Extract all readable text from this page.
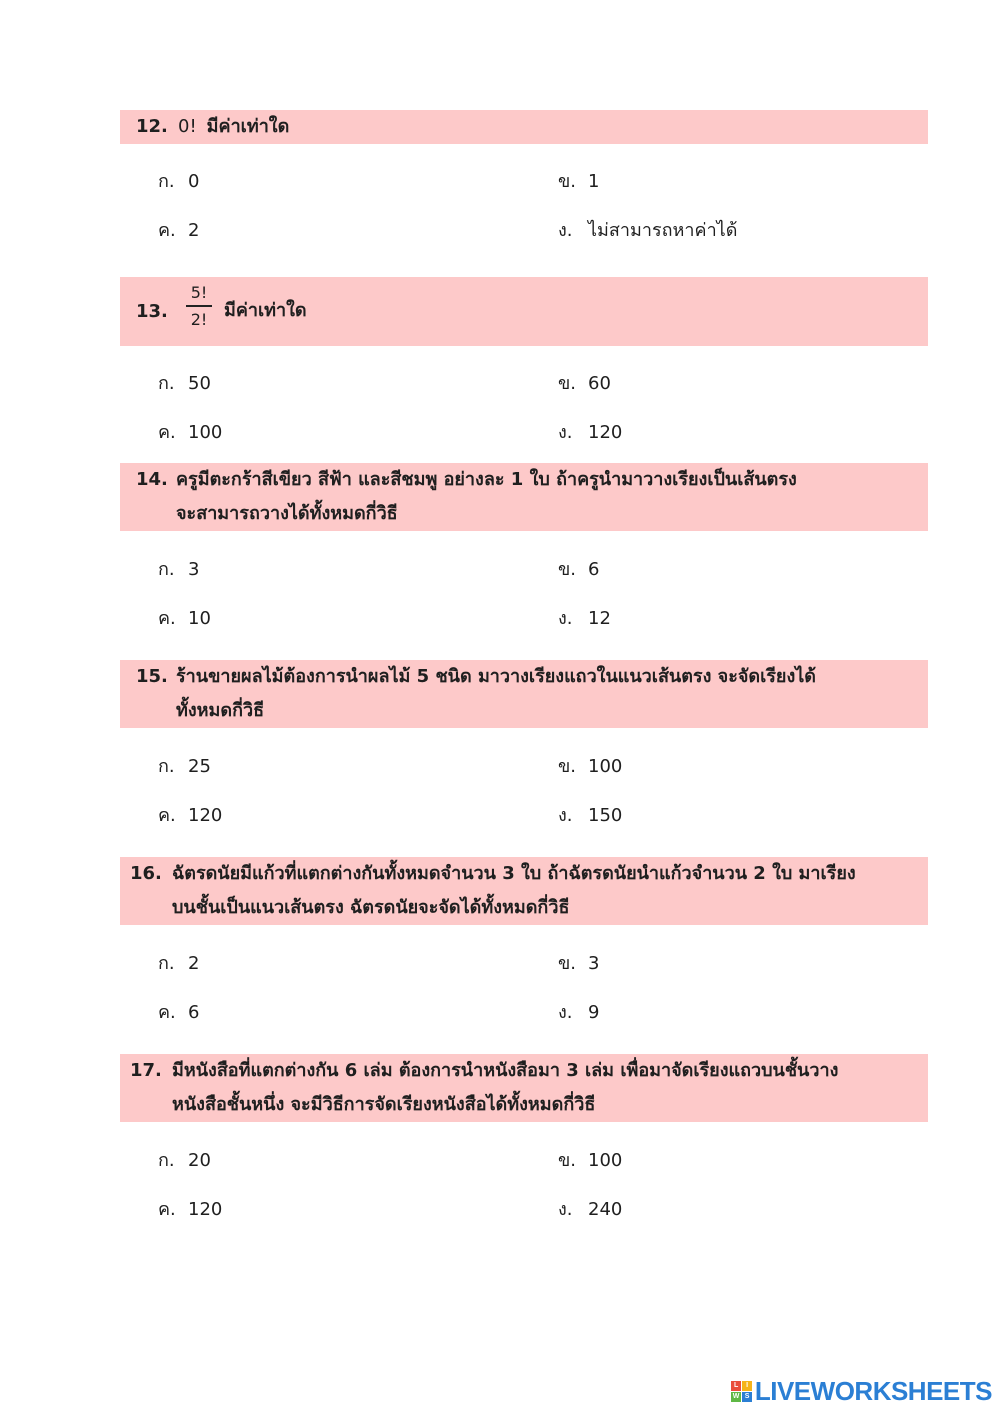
12. 0! มีค่าเท่าใด
ก. 0	ข. 1
ค. 2	ง. ไม่สามารถหาค่าได้
13.
5!
2! มีค่าเท่าใด
ก. 50	ข. 60
ค. 100	ง. 120
14. ครูมีตะกร้าสีเขียว สีฟ้า และสีชมพู อย่างละ 1 ใบ ถ้าครูนำมาวางเรียงเป็นเส้นตรง
จะสามารถวางได้ทั้งหมดกี่วิธี
ก. 3	ข. 6
ค. 10	ง. 12
15. ร้านขายผลไม้ต้องการนำผลไม้ 5 ชนิด มาวางเรียงแถวในแนวเส้นตรง จะจัดเรียงได้
ทั้งหมดกี่วิธี
ก. 25	ข. 100
ค. 120	ง. 150
16. ฉัตรดนัยมีแก้วที่แตกต่างกันทั้งหมดจำนวน 3 ใบ ถ้าฉัตรดนัยนำแก้วจำนวน 2 ใบ มาเรียง
บนชั้นเป็นแนวเส้นตรง ฉัตรดนัยจะจัดได้ทั้งหมดกี่วิธี
ก. 2	ข. 3
ค. 6	ง. 9
17. มีหนังสือที่แตกต่างกัน 6 เล่ม ต้องการนำหนังสือมา 3 เล่ม เพื่อมาจัดเรียงแถวบนชั้นวาง
หนังสือชั้นหนึ่ง จะมีวิธีการจัดเรียงหนังสือได้ทั้งหมดกี่วิธี
ก. 20	ข. 100
ค. 120	ง. 240
L	I
W S LIVEWORKSHEETS
